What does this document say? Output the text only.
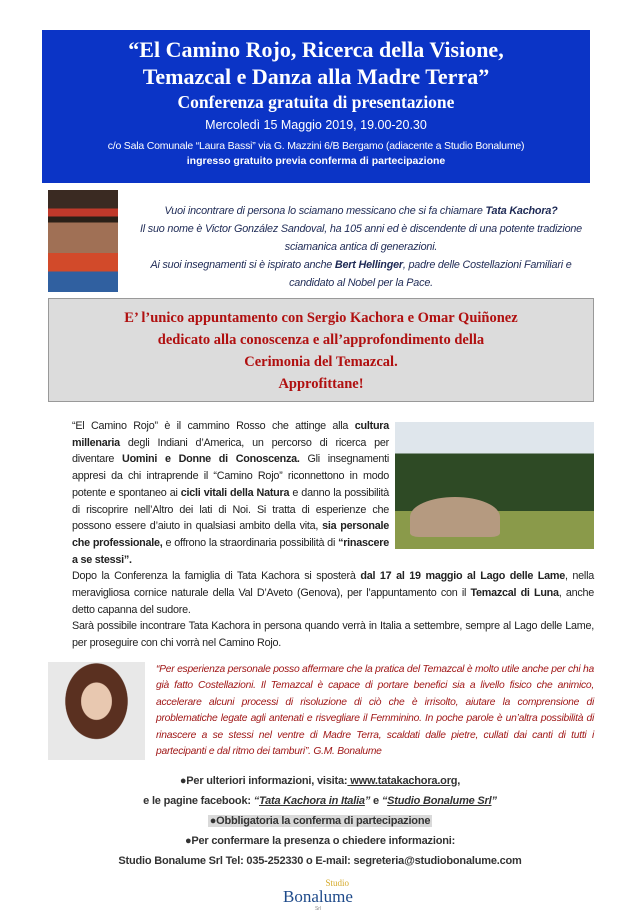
“El Camino Rojo, Ricerca della Visione,
Temazcal e Danza alla Madre Terra”
Conferenza gratuita di presentazione
Mercoledì 15 Maggio 2019, 19.00-20.30
c/o Sala Comunale “Laura Bassi” via G. Mazzini 6/B Bergamo (adiacente a Studio Bonalume)
ingresso gratuito previa conferma di partecipazione
Vuoi incontrare di persona lo sciamano messicano che si fa chiamare Tata Kachora?
Il suo nome è Victor González Sandoval, ha 105 anni ed è discendente di una potente tradizione sciamanica antica di generazioni.
Ai suoi insegnamenti si è ispirato anche Bert Hellinger, padre delle Costellazioni Familiari e candidato al Nobel per la Pace.
E’ l’unico appuntamento con Sergio Kachora e Omar Quiñonez
dedicato alla conoscenza e all’approfondimento della
Cerimonia del Temazcal.
Approfittane!
“El Camino Rojo” è il cammino Rosso che attinge alla cultura millenaria degli Indiani d’America, un percorso di ricerca per diventare Uomini e Donne di Conoscenza. Gli insegnamenti appresi da chi intraprende il “Camino Rojo” riconnettono in modo potente e spontaneo ai cicli vitali della Natura e danno la possibilità di riscoprire nell’Altro dei lati di Noi. Si tratta di esperienze che possono essere d’aiuto in qualsiasi ambito della vita, sia personale che professionale, e offrono la straordinaria possibilità di “rinascere a se stessi”.
Dopo la Conferenza la famiglia di Tata Kachora si sposterà dal 17 al 19 maggio al Lago delle Lame, nella meravigliosa cornice naturale della Val D’Aveto (Genova), per l’appuntamento con il Temazcal di Luna, anche detto capanna del sudore.
Sarà possibile incontrare Tata Kachora in persona quando verrà in Italia a settembre, sempre al Lago delle Lame, per proseguire con chi vorrà nel Camino Rojo.
“Per esperienza personale posso affermare che la pratica del Temazcal è molto utile anche per chi ha già fatto Costellazioni. Il Temazcal è capace di portare benefici sia a livello fisico che animico, accelerare alcuni processi di risoluzione di ciò che è irrisolto, aiutare la comprensione di problematiche legate agli antenati e risvegliare il Femminino. In poche parole è un’altra possibilità di rinascere a se stessi nel ventre di Madre Terra, scaldati dalle pietre, cullati dai canti di tutti i partecipanti e dal ritmo dei tamburi”. G.M. Bonalume
●Per ulteriori informazioni, visita: www.tatakachora.org,
e le pagine facebook: “Tata Kachora in Italia” e “Studio Bonalume Srl”
●Obbligatoria la conferma di partecipazione
●Per confermare la presenza o chiedere informazioni:
Studio Bonalume Srl Tel: 035-252330 o E-mail: segreteria@studiobonalume.com
Studio
Bonalume
Srl
